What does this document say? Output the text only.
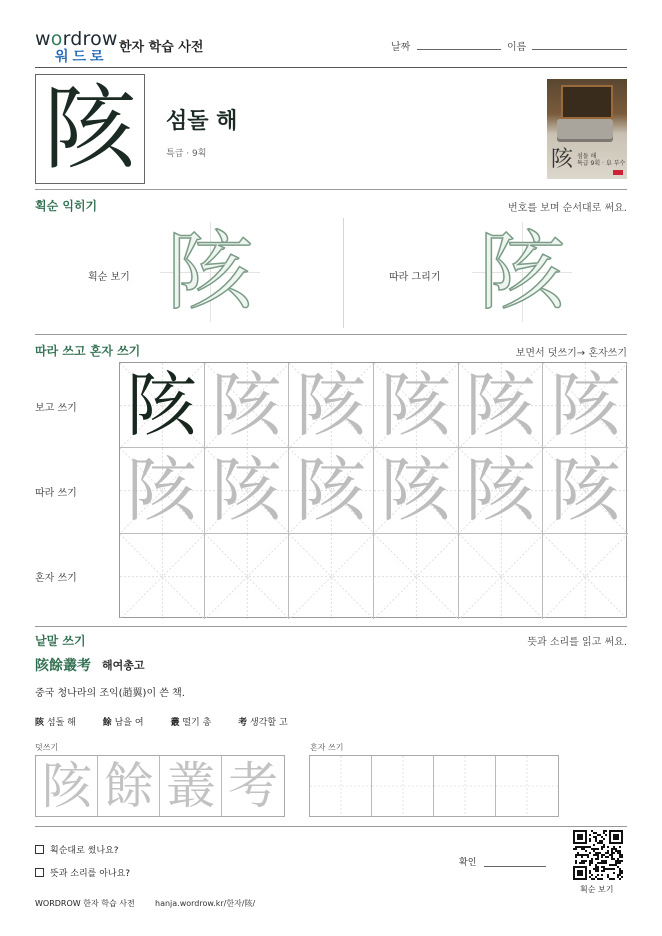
wordrow
워드로
한자 학습 사전	날짜	이름
陔	섬돌 해
특급 · 9획	陔 섬돌 해
특급 9획 · 阜 부수
획순 익히기	번호를 보며 순서대로 써요.
획순 보기 陔	따라 그리기 陔
따라 쓰고 혼자 쓰기	보면서 덧쓰기→ 혼자쓰기
보고 쓰기
따라 쓰기
혼자 쓰기
陔 陔 陔 陔 陔 陔
陔 陔 陔 陔 陔 陔
낱말 쓰기	뜻과 소리를 읽고 써요.
陔餘叢考 해여총고
중국 청나라의 조익(趙翼)이 쓴 책.
陔 섬돌 해	餘 남을 여	叢 떨기 총	考 생각할 고
덧쓰기	혼자 쓰기
陔 餘 叢 考
획순대로 썼나요?
뜻과 소리를 아나요?
확인
획순 보기
WORDROW 한자 학습 사전	hanja.wordrow.kr/한자/陔/
